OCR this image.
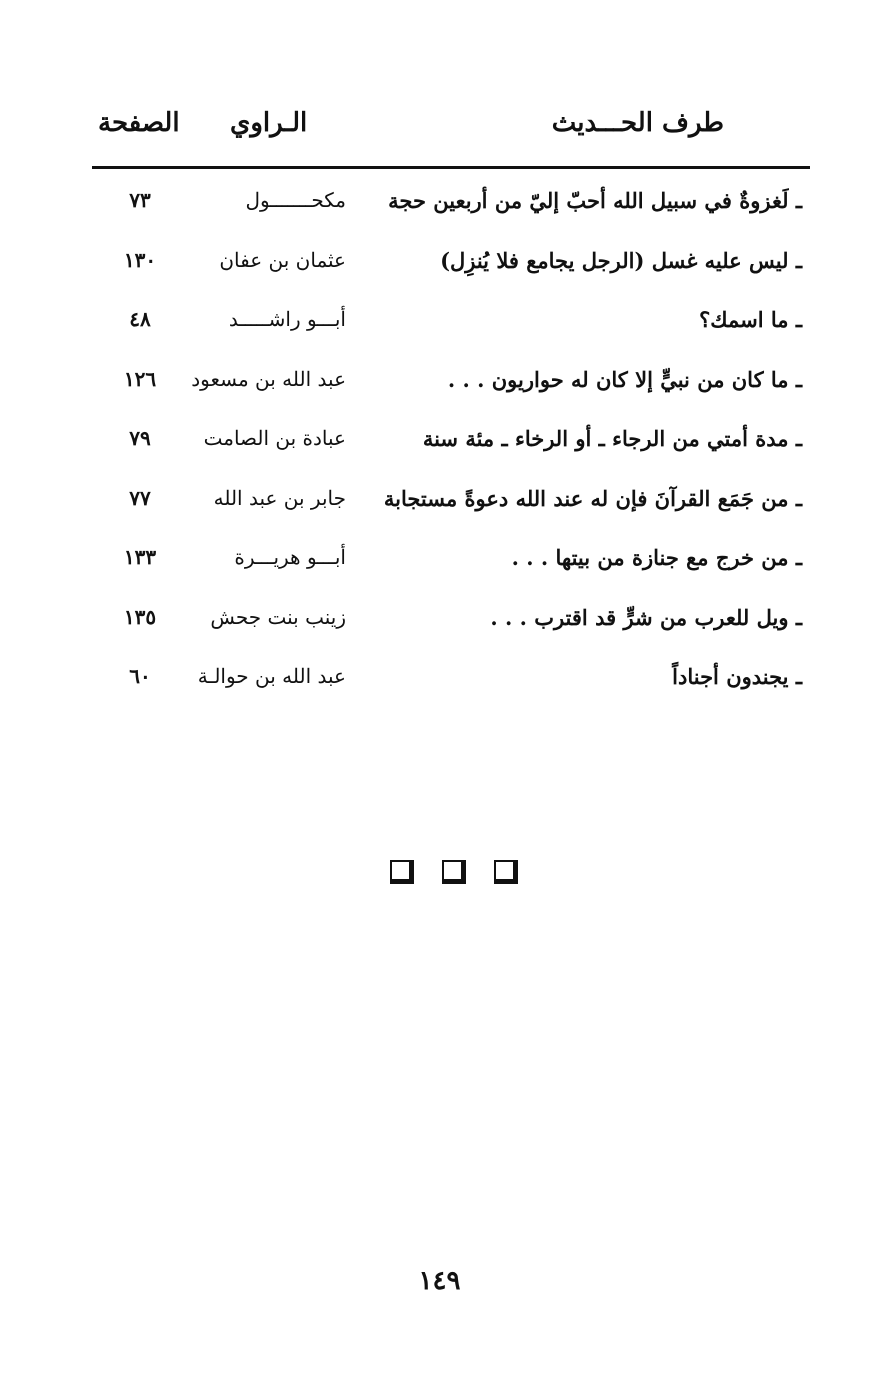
طرف الحـــديث
الـراوي
الصفحة
ـ لَغزوةٌ في سبيل الله أحبّ إليّ من أربعين حجة
مكحـــــــول
٧٣
ـ ليس عليه غسل (الرجل يجامع فلا يُنزِل)
عثمان بن عفان
١٣٠
ـ ما اسمك؟
أبـــو راشـــــد
٤٨
ـ ما كان من نبيٍّ إلا كان له حواريون . . .
عبد الله بن مسعود
١٢٦
ـ مدة أمتي من الرجاء ـ أو الرخاء ـ مئة سنة
عبادة بن الصامت
٧٩
ـ من جَمَع القرآنَ فإن له عند الله دعوةً مستجابة
جابر بن عبد الله
٧٧
ـ من خرج مع جنازة من بيتها . . .
أبـــو هريـــرة
١٣٣
ـ ويل للعرب من شرٍّ قد اقترب . . .
زينب بنت جحش
١٣٥
ـ يجندون أجناداً
عبد الله بن حوالـة
٦٠
١٤٩
